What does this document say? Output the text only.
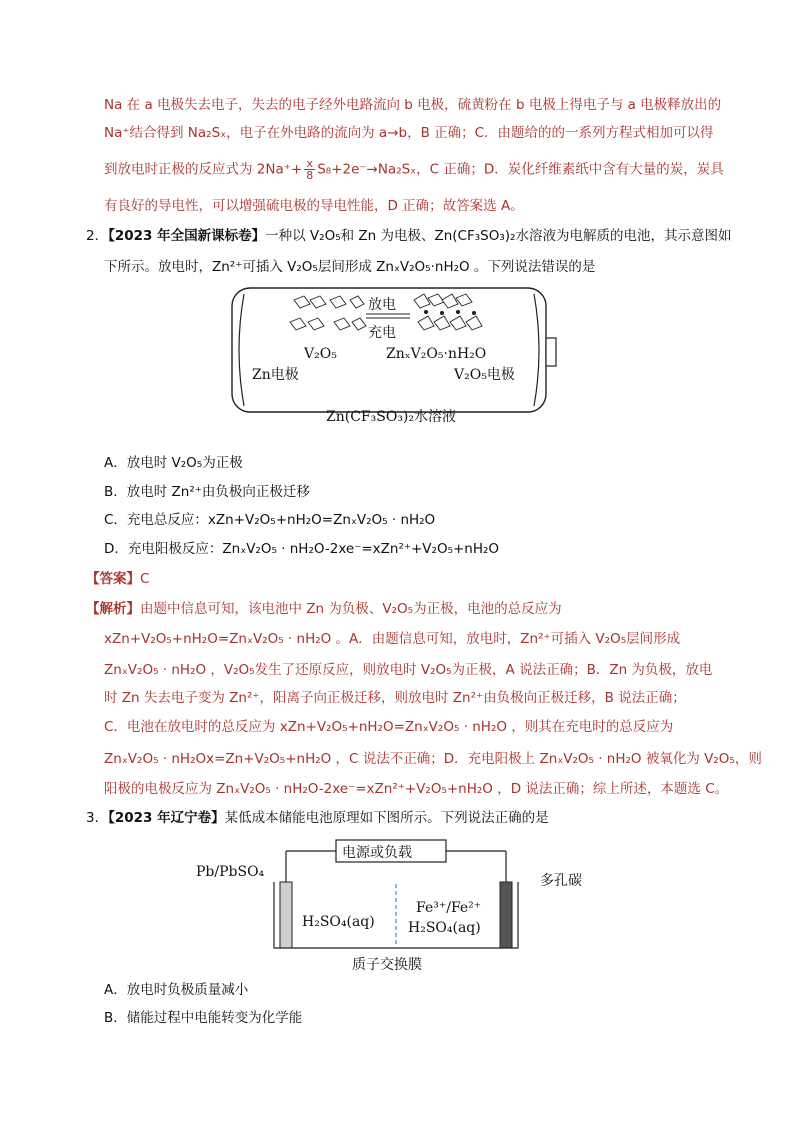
Na 在 a 电极失去电子，失去的电子经外电路流向 b 电极，硫黄粉在 b 电极上得电子与 a 电极释放出的
Na⁺结合得到 Na₂Sₓ，电子在外电路的流向为 a→b，B 正确；C．由题给的的一系列方程式相加可以得
到放电时正极的反应式为 $2Na^++ \frac{x}{8} S_8+2e^-\to Na_2S_x$，C 正确；D．炭化纤维素纸中含有大量的炭，炭具
有良好的导电性，可以增强硫电极的导电性能，D 正确；故答案选 A。
2．【2023 年全国新课标卷】一种以 V₂O₅和 Zn 为电极、Zn(CF₃SO₃)₂水溶液为电解质的电池，其示意图如
下所示。放电时，Zn²⁺可插入 V₂O₅层间形成 ZnₓV₂O₅·nH₂O 。下列说法错误的是
放电
充电
V₂O₅	ZnₓV₂O₅·nH₂O
Zn电极	V₂O₅电极
Zn(CF₃SO₃)₂水溶液
A．放电时 V₂O₅为正极
B．放电时 Zn²⁺由负极向正极迁移
C．充电总反应：xZn+V₂O₅+nH₂O=ZnₓV₂O₅ · nH₂O
D．充电阳极反应：ZnₓV₂O₅ · nH₂O-2xe⁻=xZn²⁺+V₂O₅+nH₂O
【答案】C
【解析】由题中信息可知，该电池中 Zn 为负极、V₂O₅为正极，电池的总反应为
xZn+V₂O₅+nH₂O=ZnₓV₂O₅ · nH₂O 。A．由题信息可知，放电时，Zn²⁺可插入 V₂O₅层间形成
ZnₓV₂O₅ · nH₂O ，V₂O₅发生了还原反应，则放电时 V₂O₅为正极，A 说法正确；B．Zn 为负极，放电
时 Zn 失去电子变为 Zn²⁺，阳离子向正极迁移，则放电时 Zn²⁺由负极向正极迁移，B 说法正确；
C．电池在放电时的总反应为 xZn+V₂O₅+nH₂O=ZnₓV₂O₅ · nH₂O ，则其在充电时的总反应为
ZnₓV₂O₅ · nH₂Ox=Zn+V₂O₅+nH₂O ，C 说法不正确；D．充电阳极上 ZnₓV₂O₅ · nH₂O 被氧化为 V₂O₅，则
阳极的电极反应为 ZnₓV₂O₅ · nH₂O-2xe⁻=xZn²⁺+V₂O₅+nH₂O ，D 说法正确；综上所述，本题选 C。
3．【2023 年辽宁卷】某低成本储能电池原理如下图所示。下列说法正确的是
电源或负载
Pb/PbSO₄
多孔碳
H₂SO₄(aq)
Fe³⁺/Fe²⁺
H₂SO₄(aq)
质子交换膜
A．放电时负极质量减小
B．储能过程中电能转变为化学能
